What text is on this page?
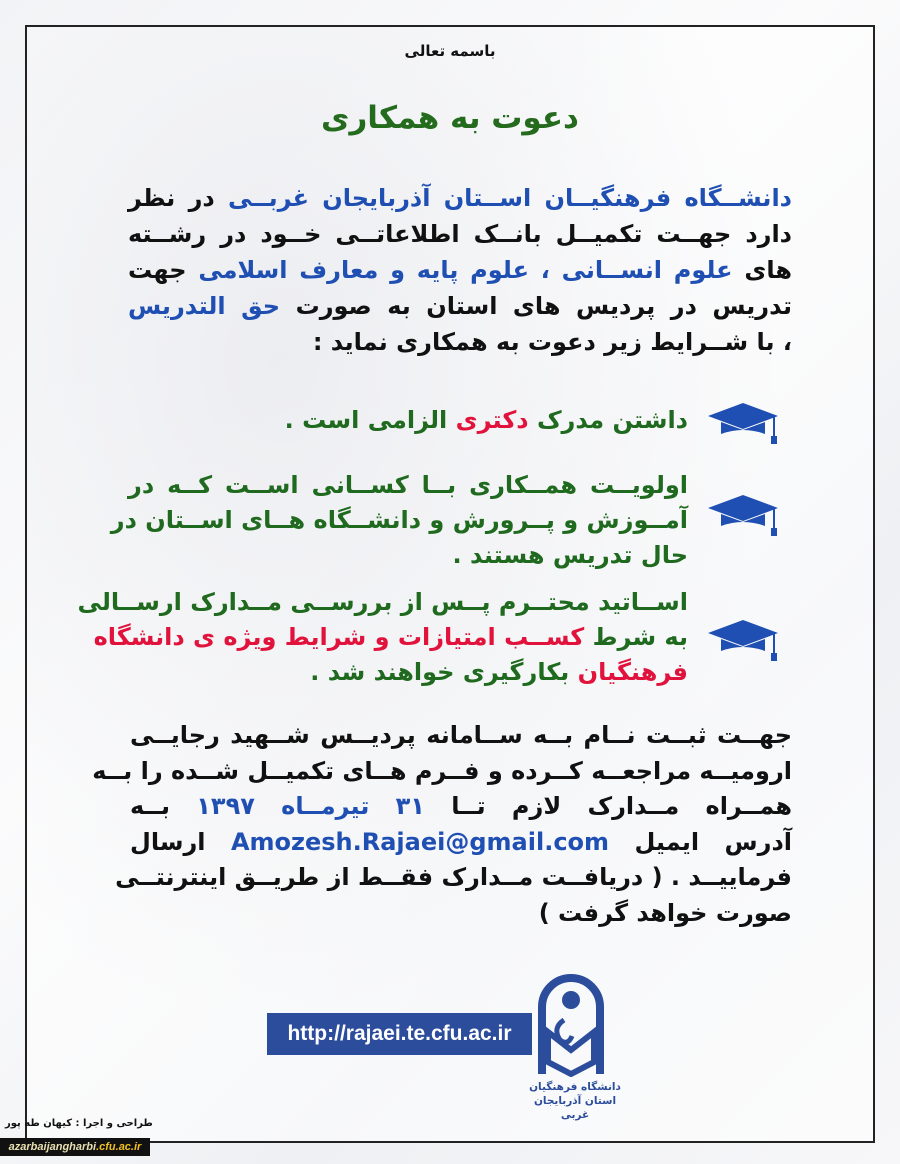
باسمه تعالی
دعوت به همکاری
دانشــگاه فرهنگیــان اســتان آذربایجان غربــی در نظر
دارد جهــت تکمیــل بانــک اطلاعاتــی خــود در رشــته
های علوم انســانی ، علوم پایه و معارف اسلامی جهت
تدریس در پردیس های استان به صورت حق التدریس
، با شــرایط زیر دعوت به همکاری نماید :
داشتن مدرک دکتری الزامی است .
اولویــت همــکاری بــا کســانی اســت کــه در
آمــوزش و پــرورش و دانشــگاه هــای اســتان در
حال تدریس هستند .
اســاتید محتــرم پــس از بررســی مــدارک ارســالی
به شرط کســب امتیازات و شرایط ویژه ی دانشگاه
فرهنگیان بکارگیری خواهند شد .
جهــت ثبــت نــام بــه ســامانه پردیــس شــهید رجایــی
ارومیــه مراجعــه کــرده و فــرم هــای تکمیــل شــده را بــه
همــراه مــدارک لازم تــا ۳۱ تیرمــاه ۱۳۹۷ بــه
آدرس ایمیل Amozesh.Rajaei@gmail.com ارسال
فرماییــد . ( دریافــت مــدارک فقــط از طریــق اینترنتــی
صورت خواهد گرفت )
http://rajaei.te.cfu.ac.ir
دانشگاه فرهنگیان
استان آذربایجان غربی
طراحی و اجرا : کیهان طه پور
azarbaijangharbi.cfu.ac.ir
